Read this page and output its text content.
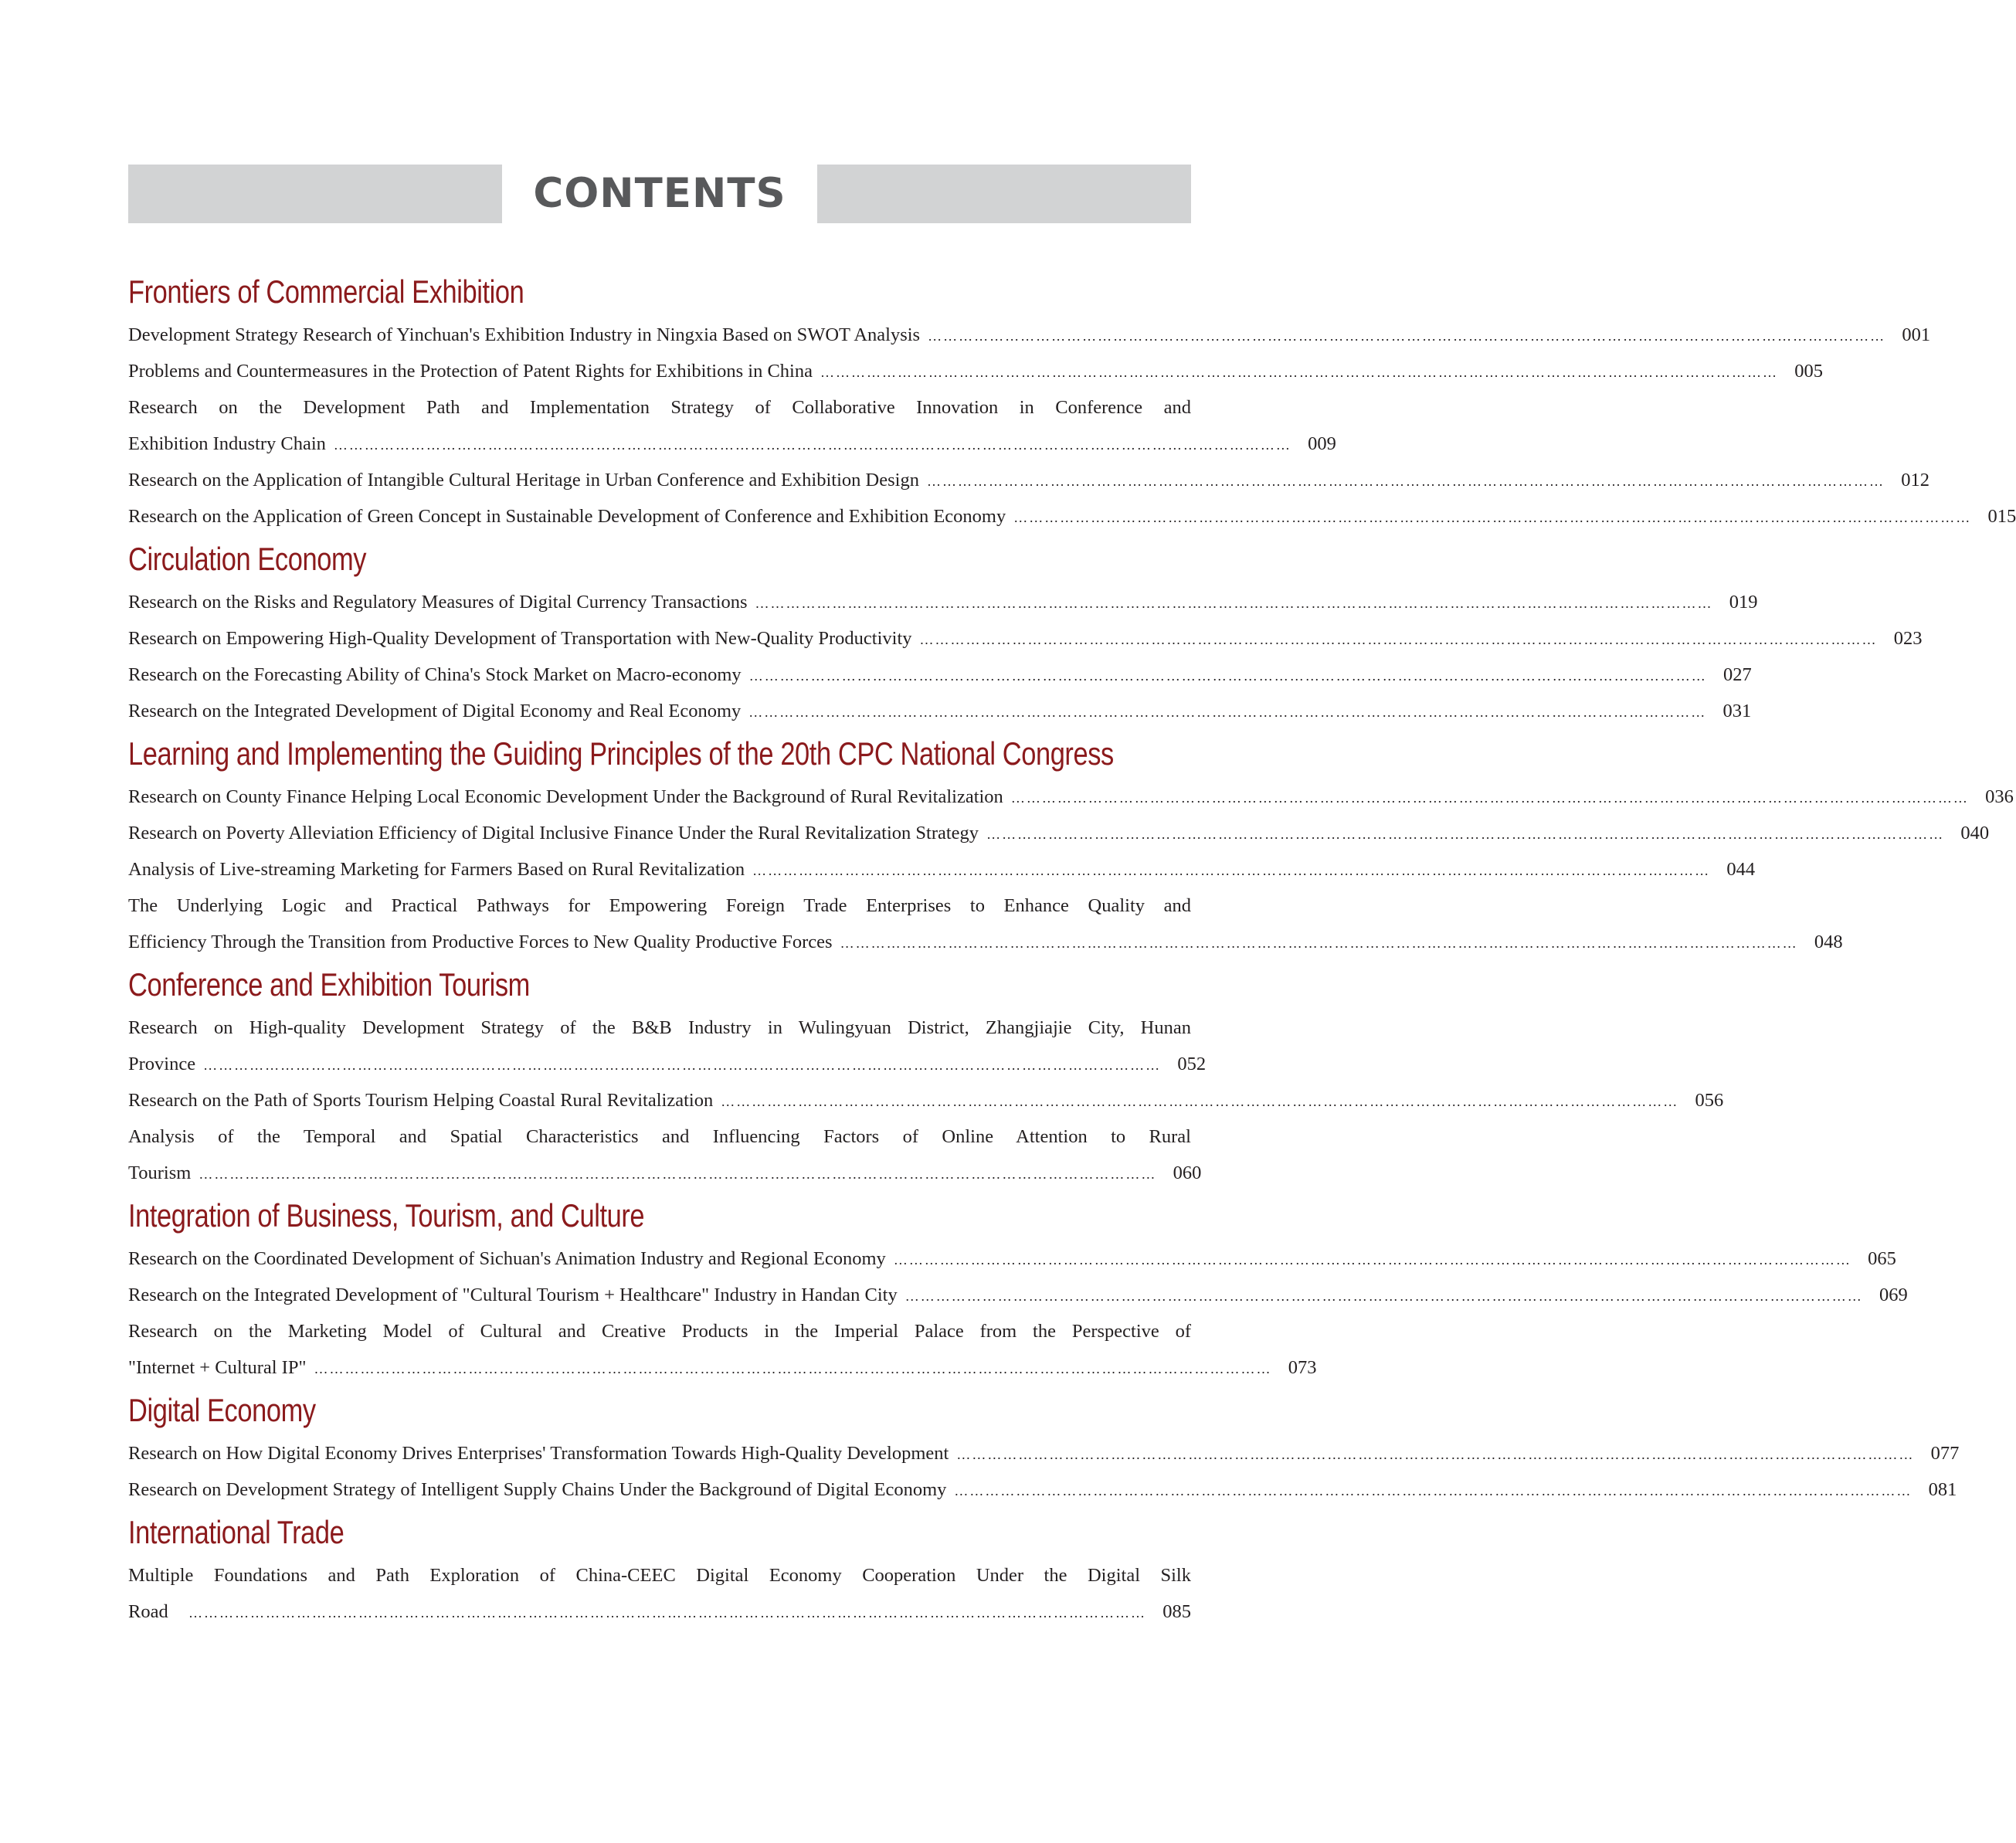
CONTENTS
Frontiers of Commercial Exhibition
Development Strategy Research of Yinchuan's Exhibition Industry in Ningxia Based on SWOT Analysis …………………………………………………………………………………………………………………………………………………………………… 001
Problems and Countermeasures in the Protection of Patent Rights for Exhibitions in China …………………………………………………………………………………………………………………………………………………………………… 005
Research on the Development Path and Implementation Strategy of Collaborative Innovation in Conference and
Exhibition Industry Chain …………………………………………………………………………………………………………………………………………………………………… 009
Research on the Application of Intangible Cultural Heritage in Urban Conference and Exhibition Design …………………………………………………………………………………………………………………………………………………………………… 012
Research on the Application of Green Concept in Sustainable Development of Conference and Exhibition Economy …………………………………………………………………………………………………………………………………………………………………… 015
Circulation Economy
Research on the Risks and Regulatory Measures of Digital Currency Transactions …………………………………………………………………………………………………………………………………………………………………… 019
Research on Empowering High-Quality Development of Transportation with New-Quality Productivity …………………………………………………………………………………………………………………………………………………………………… 023
Research on the Forecasting Ability of China's Stock Market on Macro-economy …………………………………………………………………………………………………………………………………………………………………… 027
Research on the Integrated Development of Digital Economy and Real Economy …………………………………………………………………………………………………………………………………………………………………… 031
Learning and Implementing the Guiding Principles of the 20th CPC National Congress
Research on County Finance Helping Local Economic Development Under the Background of Rural Revitalization …………………………………………………………………………………………………………………………………………………………………… 036
Research on Poverty Alleviation Efficiency of Digital Inclusive Finance Under the Rural Revitalization Strategy …………………………………………………………………………………………………………………………………………………………………… 040
Analysis of Live-streaming Marketing for Farmers Based on Rural Revitalization …………………………………………………………………………………………………………………………………………………………………… 044
The Underlying Logic and Practical Pathways for Empowering Foreign Trade Enterprises to Enhance Quality and
Efficiency Through the Transition from Productive Forces to New Quality Productive Forces …………………………………………………………………………………………………………………………………………………………………… 048
Conference and Exhibition Tourism
Research on High-quality Development Strategy of the B&B Industry in Wulingyuan District, Zhangjiajie City, Hunan
Province …………………………………………………………………………………………………………………………………………………………………… 052
Research on the Path of Sports Tourism Helping Coastal Rural Revitalization …………………………………………………………………………………………………………………………………………………………………… 056
Analysis of the Temporal and Spatial Characteristics and Influencing Factors of Online Attention to Rural
Tourism …………………………………………………………………………………………………………………………………………………………………… 060
Integration of Business, Tourism, and Culture
Research on the Coordinated Development of Sichuan's Animation Industry and Regional Economy …………………………………………………………………………………………………………………………………………………………………… 065
Research on the Integrated Development of "Cultural Tourism + Healthcare" Industry in Handan City …………………………………………………………………………………………………………………………………………………………………… 069
Research on the Marketing Model of Cultural and Creative Products in the Imperial Palace from the Perspective of
"Internet + Cultural IP" …………………………………………………………………………………………………………………………………………………………………… 073
Digital Economy
Research on How Digital Economy Drives Enterprises' Transformation Towards High-Quality Development …………………………………………………………………………………………………………………………………………………………………… 077
Research on Development Strategy of Intelligent Supply Chains Under the Background of Digital Economy …………………………………………………………………………………………………………………………………………………………………… 081
International Trade
Multiple Foundations and Path Exploration of China-CEEC Digital Economy Cooperation Under the Digital Silk
Road	…………………………………………………………………………………………………………………………………………………………………… 085
